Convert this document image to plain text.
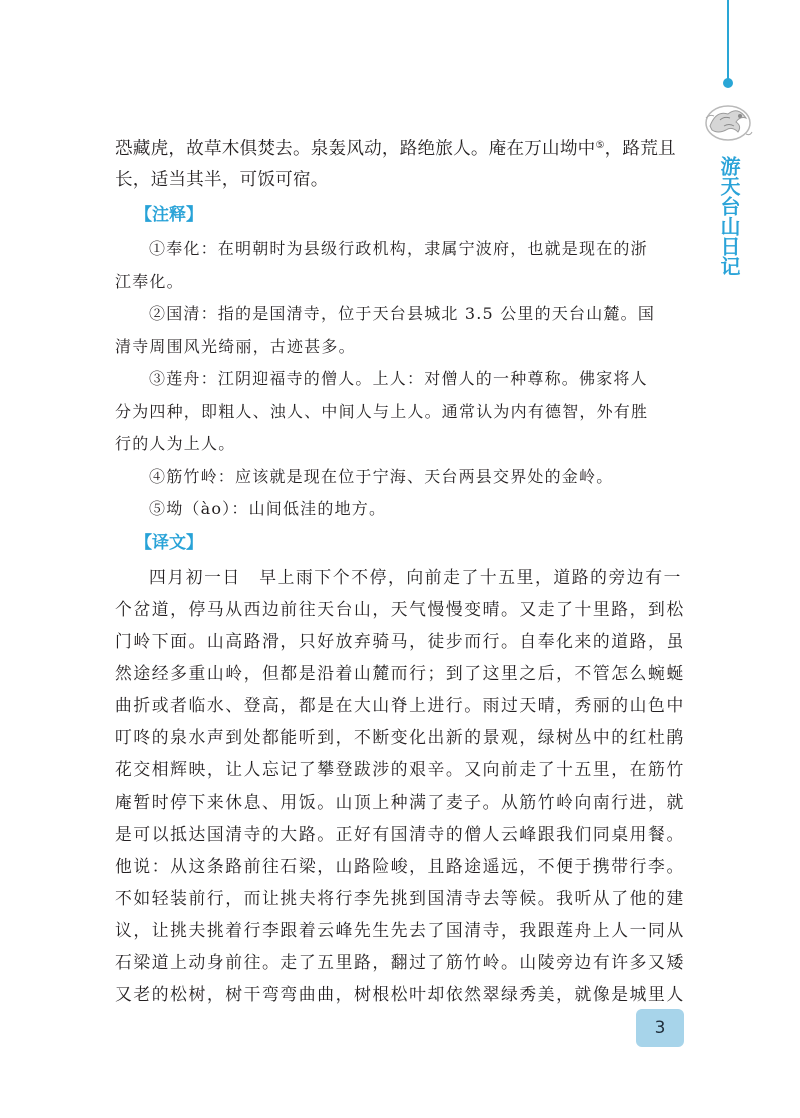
游天台山日记
恐藏虎，故草木俱焚去。泉轰风动，路绝旅人。庵在万山坳中⑤，路荒且
长，适当其半，可饭可宿。
【注释】
①奉化：在明朝时为县级行政机构，隶属宁波府，也就是现在的浙
江奉化。
②国清：指的是国清寺，位于天台县城北 3.5 公里的天台山麓。国
清寺周围风光绮丽，古迹甚多。
③莲舟：江阴迎福寺的僧人。上人：对僧人的一种尊称。佛家将人
分为四种，即粗人、浊人、中间人与上人。通常认为内有德智，外有胜
行的人为上人。
④筋竹岭：应该就是现在位于宁海、天台两县交界处的金岭。
⑤坳（ào）：山间低洼的地方。
【译文】
四月初一日　早上雨下个不停，向前走了十五里，道路的旁边有一
个岔道，停马从西边前往天台山，天气慢慢变晴。又走了十里路，到松
门岭下面。山高路滑，只好放弃骑马，徒步而行。自奉化来的道路，虽
然途经多重山岭，但都是沿着山麓而行；到了这里之后，不管怎么蜿蜒
曲折或者临水、登高，都是在大山脊上进行。雨过天晴，秀丽的山色中
叮咚的泉水声到处都能听到，不断变化出新的景观，绿树丛中的红杜鹃
花交相辉映，让人忘记了攀登跋涉的艰辛。又向前走了十五里，在筋竹
庵暂时停下来休息、用饭。山顶上种满了麦子。从筋竹岭向南行进，就
是可以抵达国清寺的大路。正好有国清寺的僧人云峰跟我们同桌用餐。
他说：从这条路前往石梁，山路险峻，且路途遥远，不便于携带行李。
不如轻装前行，而让挑夫将行李先挑到国清寺去等候。我听从了他的建
议，让挑夫挑着行李跟着云峰先生先去了国清寺，我跟莲舟上人一同从
石梁道上动身前往。走了五里路，翻过了筋竹岭。山陵旁边有许多又矮
又老的松树，树干弯弯曲曲，树根松叶却依然翠绿秀美，就像是城里人
3
